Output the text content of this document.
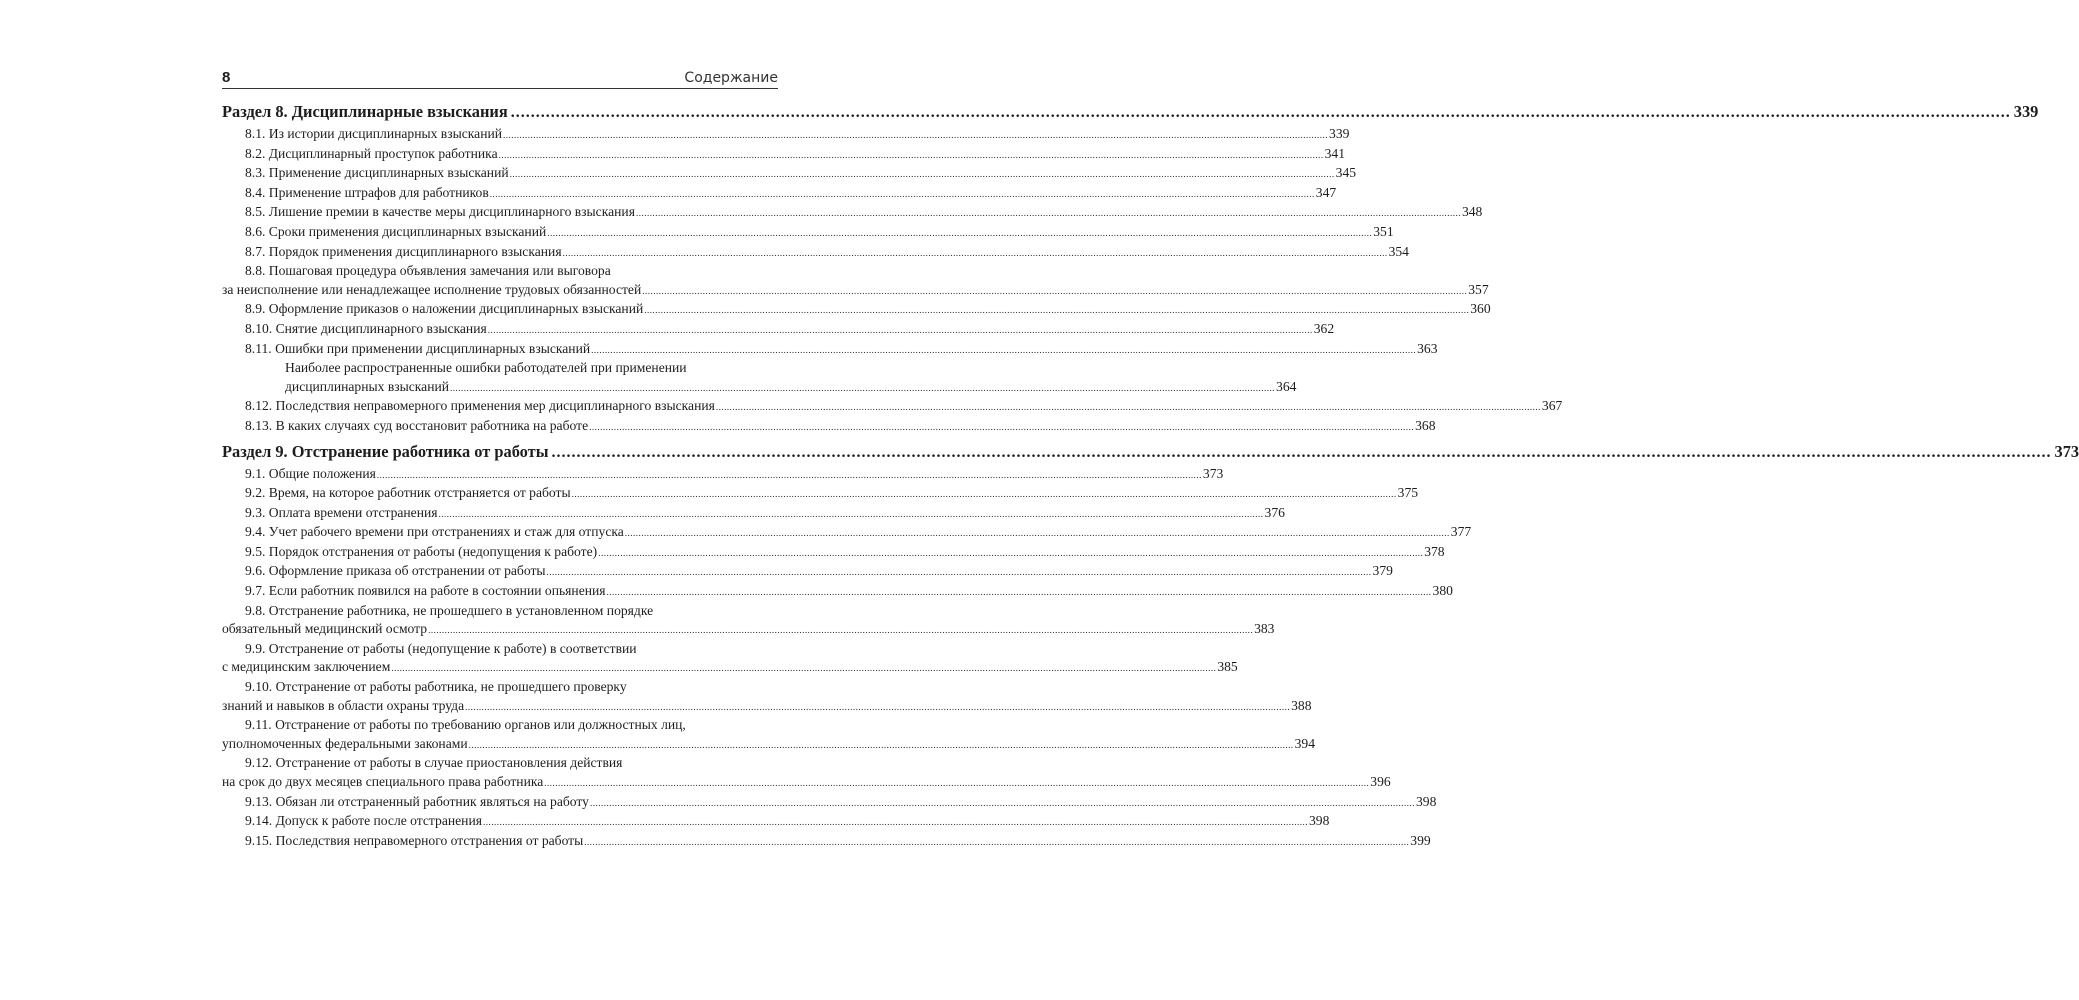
8	Содержание
Раздел 8. Дисциплинарные взыскания ............................................................................................................................................................................................................................................................................................................ 339
8.1. Из истории дисциплинарных взысканий ............................................................................................................................................................................................................................................................................................................ 339
8.2. Дисциплинарный проступок работника ............................................................................................................................................................................................................................................................................................................ 341
8.3. Применение дисциплинарных взысканий ............................................................................................................................................................................................................................................................................................................ 345
8.4. Применение штрафов для работников ............................................................................................................................................................................................................................................................................................................ 347
8.5. Лишение премии в качестве меры дисциплинарного взыскания ............................................................................................................................................................................................................................................................................................................ 348
8.6. Сроки применения дисциплинарных взысканий ............................................................................................................................................................................................................................................................................................................ 351
8.7. Порядок применения дисциплинарного взыскания ............................................................................................................................................................................................................................................................................................................ 354
8.8. Пошаговая процедура объявления замечания или выговора
за неисполнение или ненадлежащее исполнение трудовых обязанностей ............................................................................................................................................................................................................................................................................................................ 357
8.9. Оформление приказов о наложении дисциплинарных взысканий ............................................................................................................................................................................................................................................................................................................ 360
8.10. Снятие дисциплинарного взыскания ............................................................................................................................................................................................................................................................................................................ 362
8.11. Ошибки при применении дисциплинарных взысканий ............................................................................................................................................................................................................................................................................................................ 363
Наиболее распространенные ошибки работодателей при применении
дисциплинарных взысканий ............................................................................................................................................................................................................................................................................................................ 364
8.12. Последствия неправомерного применения мер дисциплинарного взыскания ............................................................................................................................................................................................................................................................................................................ 367
8.13. В каких случаях суд восстановит работника на работе ............................................................................................................................................................................................................................................................................................................ 368
Раздел 9. Отстранение работника от работы ............................................................................................................................................................................................................................................................................................................ 373
9.1. Общие положения ............................................................................................................................................................................................................................................................................................................ 373
9.2. Время, на которое работник отстраняется от работы ............................................................................................................................................................................................................................................................................................................ 375
9.3. Оплата времени отстранения ............................................................................................................................................................................................................................................................................................................ 376
9.4. Учет рабочего времени при отстранениях и стаж для отпуска ............................................................................................................................................................................................................................................................................................................ 377
9.5. Порядок отстранения от работы (недопущения к работе) ............................................................................................................................................................................................................................................................................................................ 378
9.6. Оформление приказа об отстранении от работы ............................................................................................................................................................................................................................................................................................................ 379
9.7. Если работник появился на работе в состоянии опьянения ............................................................................................................................................................................................................................................................................................................ 380
9.8. Отстранение работника, не прошедшего в установленном порядке
обязательный медицинский осмотр ............................................................................................................................................................................................................................................................................................................ 383
9.9. Отстранение от работы (недопущение к работе) в соответствии
с медицинским заключением ............................................................................................................................................................................................................................................................................................................ 385
9.10. Отстранение от работы работника, не прошедшего проверку
знаний и навыков в области охраны труда ............................................................................................................................................................................................................................................................................................................ 388
9.11. Отстранение от работы по требованию органов или должностных лиц,
уполномоченных федеральными законами ............................................................................................................................................................................................................................................................................................................ 394
9.12. Отстранение от работы в случае приостановления действия
на срок до двух месяцев специального права работника ............................................................................................................................................................................................................................................................................................................ 396
9.13. Обязан ли отстраненный работник являться на работу ............................................................................................................................................................................................................................................................................................................ 398
9.14. Допуск к работе после отстранения ............................................................................................................................................................................................................................................................................................................ 398
9.15. Последствия неправомерного отстранения от работы ............................................................................................................................................................................................................................................................................................................ 399
